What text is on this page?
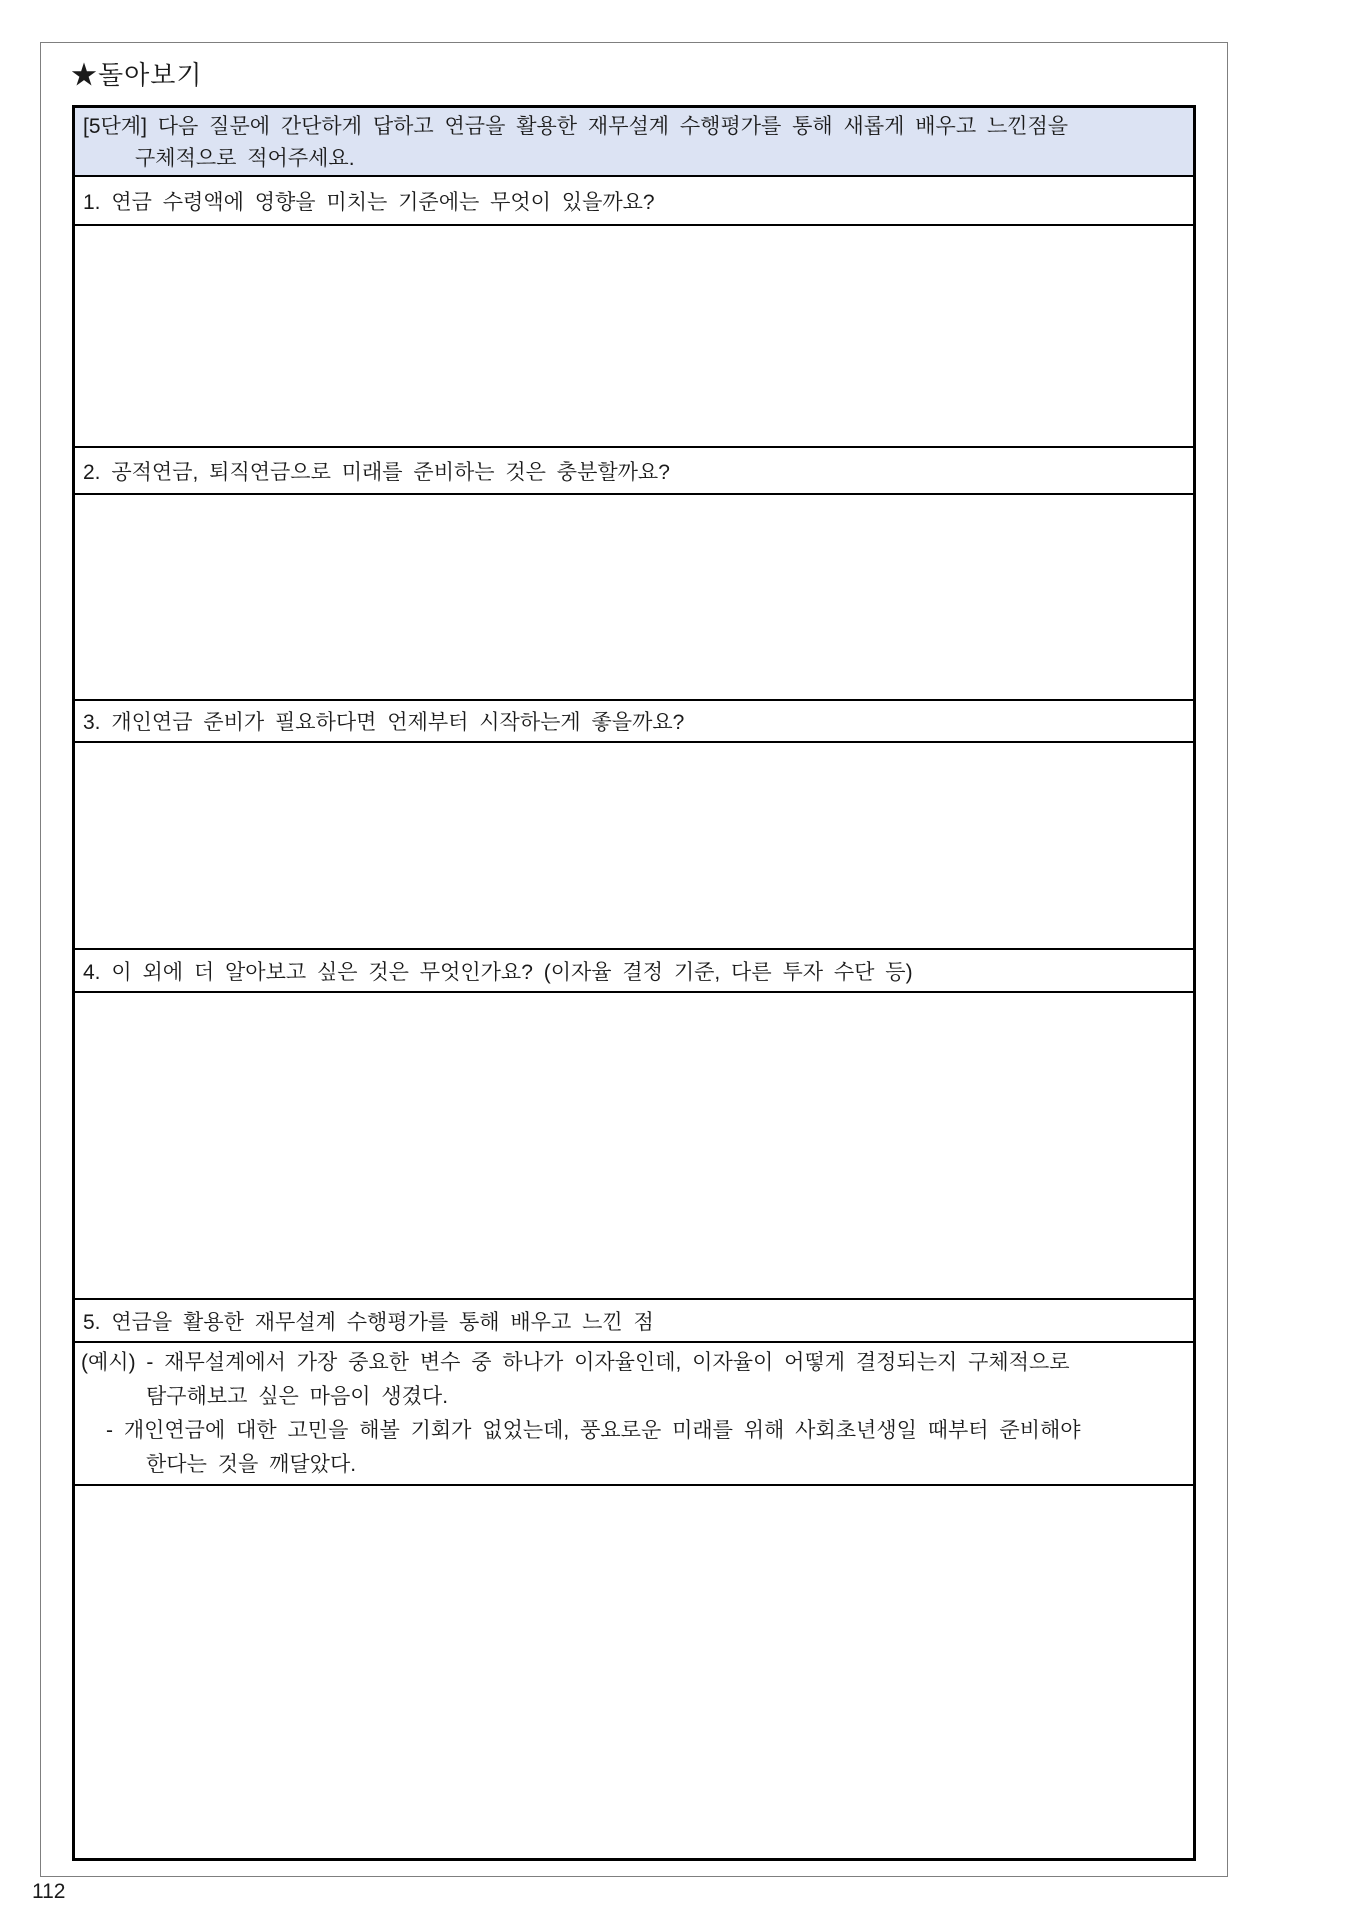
★돌아보기
[5단계] 다음 질문에 간단하게 답하고 연금을 활용한 재무설계 수행평가를 통해 새롭게 배우고 느낀점을
구체적으로 적어주세요.
1. 연금 수령액에 영향을 미치는 기준에는 무엇이 있을까요?
2. 공적연금, 퇴직연금으로 미래를 준비하는 것은 충분할까요?
3. 개인연금 준비가 필요하다면 언제부터 시작하는게 좋을까요?
4. 이 외에 더 알아보고 싶은 것은 무엇인가요? (이자율 결정 기준, 다른 투자 수단 등)
5. 연금을 활용한 재무설계 수행평가를 통해 배우고 느낀 점
(예시) - 재무설계에서 가장 중요한 변수 중 하나가 이자율인데, 이자율이 어떻게 결정되는지 구체적으로
탐구해보고 싶은 마음이 생겼다.
- 개인연금에 대한 고민을 해볼 기회가 없었는데, 풍요로운 미래를 위해 사회초년생일 때부터 준비해야
한다는 것을 깨달았다.
112
